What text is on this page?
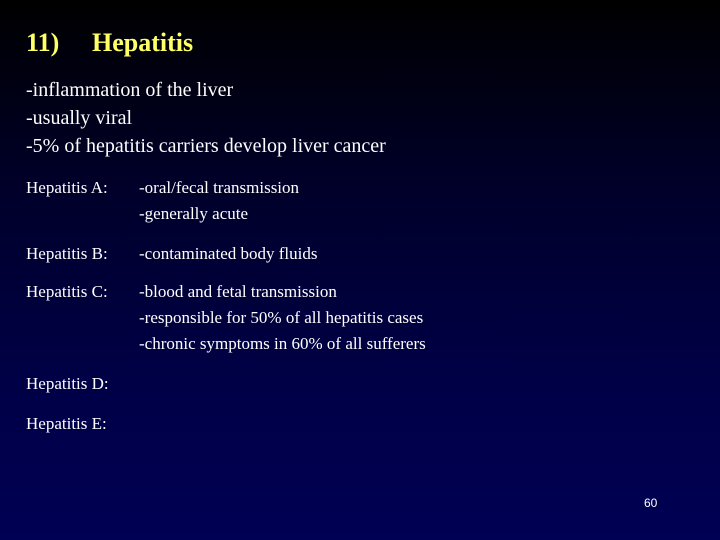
11) Hepatitis
-inflammation of the liver
-usually viral
-5% of hepatitis carriers develop liver cancer
Hepatitis A:	-oral/fecal transmission
-generally acute
Hepatitis B:	-contaminated body fluids
Hepatitis C:	-blood and fetal transmission
-responsible for 50% of all hepatitis cases
-chronic symptoms in 60% of all sufferers
Hepatitis D:
Hepatitis E:
60
